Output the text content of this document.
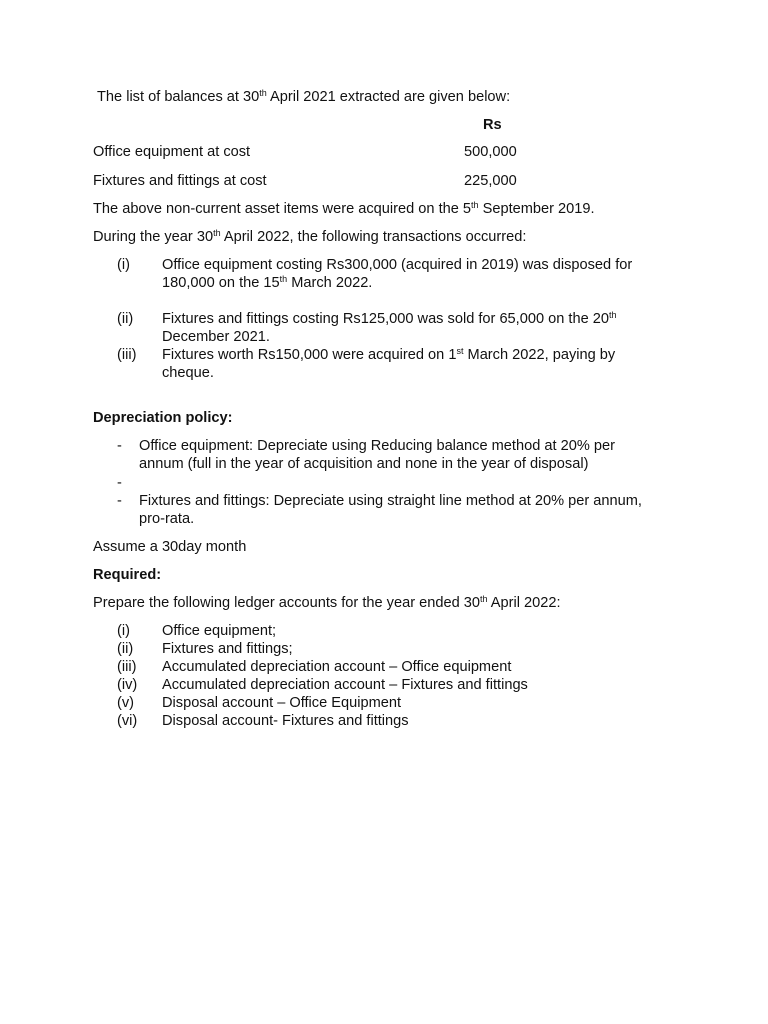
The list of balances at 30th April 2021 extracted are given below:
Rs
Office equipment at cost	500,000
Fixtures and fittings at cost	225,000
The above non-current asset items were acquired on the 5th September 2019.
During the year 30th April 2022, the following transactions occurred:
(i) Office equipment costing Rs300,000 (acquired in 2019) was disposed for
180,000 on the 15th March 2022.
(ii) Fixtures and fittings costing Rs125,000 was sold for 65,000 on the 20th
December 2021.
(iii) Fixtures worth Rs150,000 were acquired on 1st March 2022, paying by
cheque.
Depreciation policy:
- Office equipment: Depreciate using Reducing balance method at 20% per
annum (full in the year of acquisition and none in the year of disposal)
-
- Fixtures and fittings: Depreciate using straight line method at 20% per annum,
pro-rata.
Assume a 30day month
Required:
Prepare the following ledger accounts for the year ended 30th April 2022:
(i) Office equipment;
(ii) Fixtures and fittings;
(iii) Accumulated depreciation account – Office equipment
(iv) Accumulated depreciation account – Fixtures and fittings
(v) Disposal account – Office Equipment
(vi) Disposal account- Fixtures and fittings
